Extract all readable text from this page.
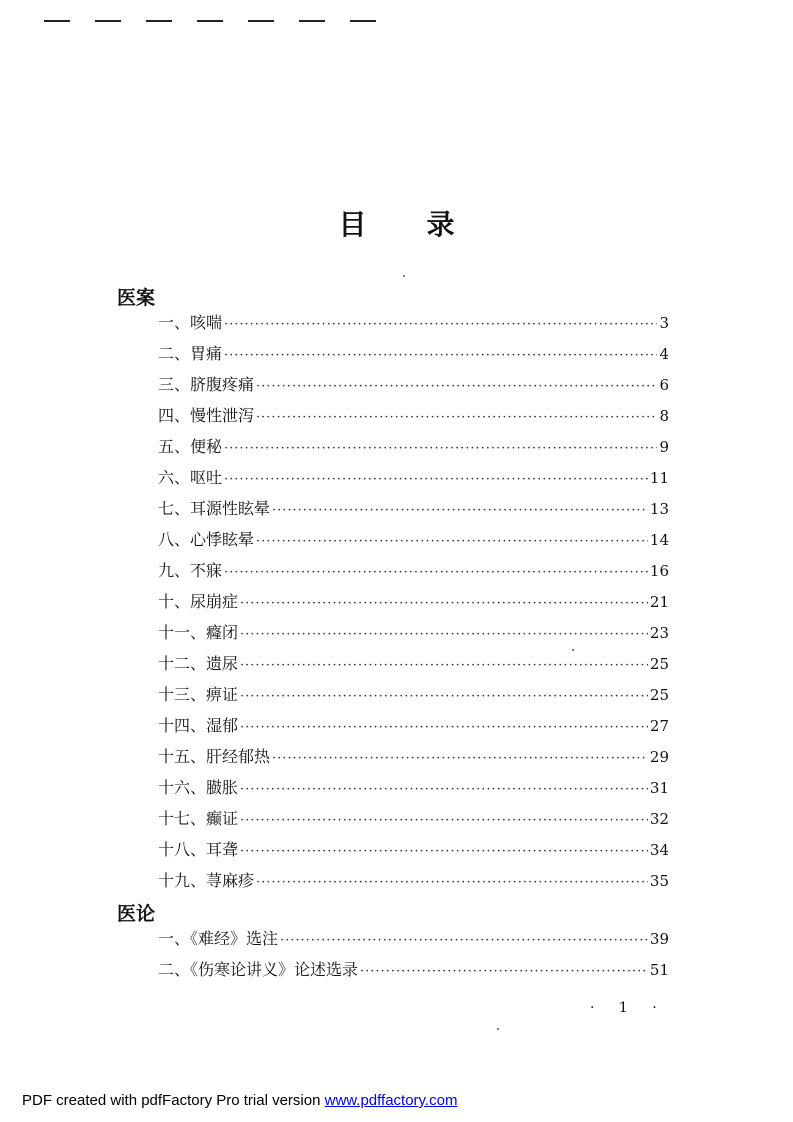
目 录
医案
一、咳喘 ·····	3
二、胃痛 ·····	4
三、脐腹疼痛 ·····	6
四、慢性泄泻 ·····	8
五、便秘 ·····	9
六、呕吐 ·····	11
七、耳源性眩晕 ·····	13
八、心悸眩晕 ·····	14
九、不寐 ·····	16
十、尿崩症 ·····	21
十一、癃闭 ·····	23
十二、遗尿 ·····	25
十三、痹证 ·····	25
十四、湿郁 ·····	27
十五、肝经郁热 ·····	29
十六、臌胀 ·····	31
十七、癫证 ·····	32
十八、耳聋 ·····	34
十九、荨麻疹 ·····	35
医论
一、《难经》选注 ·····	39
二、《伤寒论讲义》论述选录 ·····	51
· 1 ·
PDF created with pdfFactory Pro trial version www.pdffactory.com
